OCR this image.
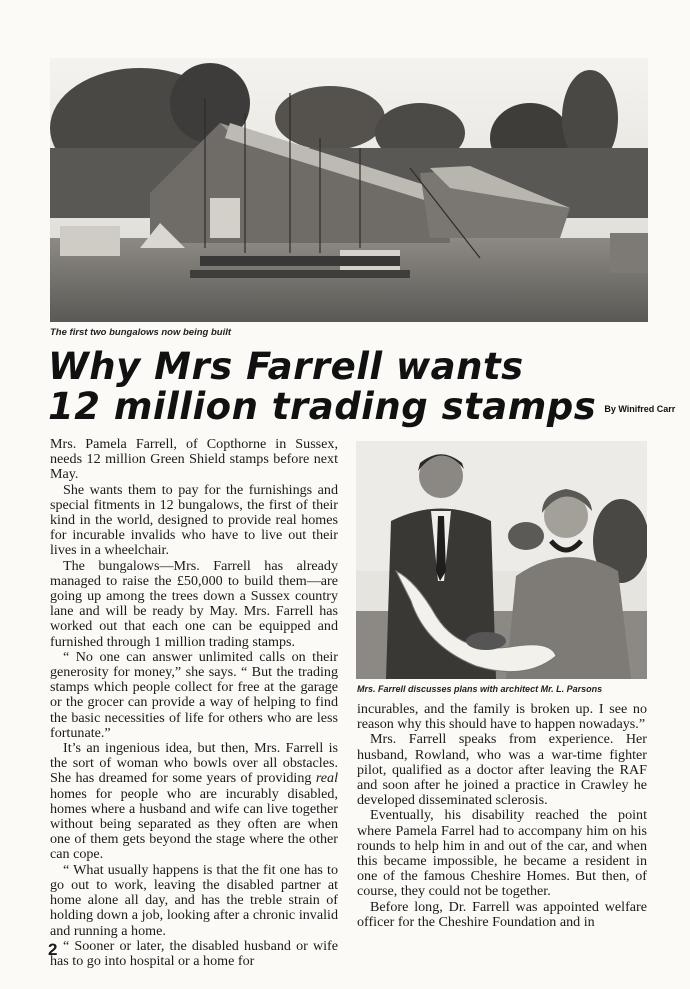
The first two bungalows now being built
Why Mrs Farrell wants
12 million trading stamps By Winifred Carr

Mrs. Pamela Farrell, of Copthorne in Sussex, needs 12 million Green Shield stamps before next May.

She wants them to pay for the furnishings and special fitments in 12 bungalows, the first of their kind in the world, designed to provide real homes for incurable invalids who have to live out their lives in a wheelchair.

The bungalows—Mrs. Farrell has already managed to raise the £50,000 to build them—are going up among the trees down a Sussex country lane and will be ready by May. Mrs. Farrell has worked out that each one can be equipped and furnished through 1 million trading stamps.

“ No one can answer unlimited calls on their generosity for money,” she says. “ But the trading stamps which people collect for free at the garage or the grocer can provide a way of helping to find the basic necessities of life for others who are less fortunate.”

It’s an ingenious idea, but then, Mrs. Farrell is the sort of woman who bowls over all obstacles. She has dreamed for some years of providing real homes for people who are incurably disabled, homes where a husband and wife can live together without being separated as they often are when one of them gets beyond the stage where the other can cope.

“ What usually happens is that the fit one has to go out to work, leaving the disabled partner at home alone all day, and has the treble strain of holding down a job, looking after a chronic invalid and running a home.

“ Sooner or later, the disabled husband or wife has to go into hospital or a home for

Mrs. Farrell discusses plans with architect Mr. L. Parsons

incurables, and the family is broken up. I see no reason why this should have to happen nowadays.”

Mrs. Farrell speaks from experience. Her husband, Rowland, who was a war-time fighter pilot, qualified as a doctor after leaving the RAF and soon after he joined a practice in Crawley he developed disseminated sclerosis.

Eventually, his disability reached the point where Pamela Farrel had to accompany him on his rounds to help him in and out of the car, and when this became impossible, he became a resident in one of the famous Cheshire Homes. But then, of course, they could not be together.

Before long, Dr. Farrell was appointed welfare officer for the Cheshire Foundation and in

2
